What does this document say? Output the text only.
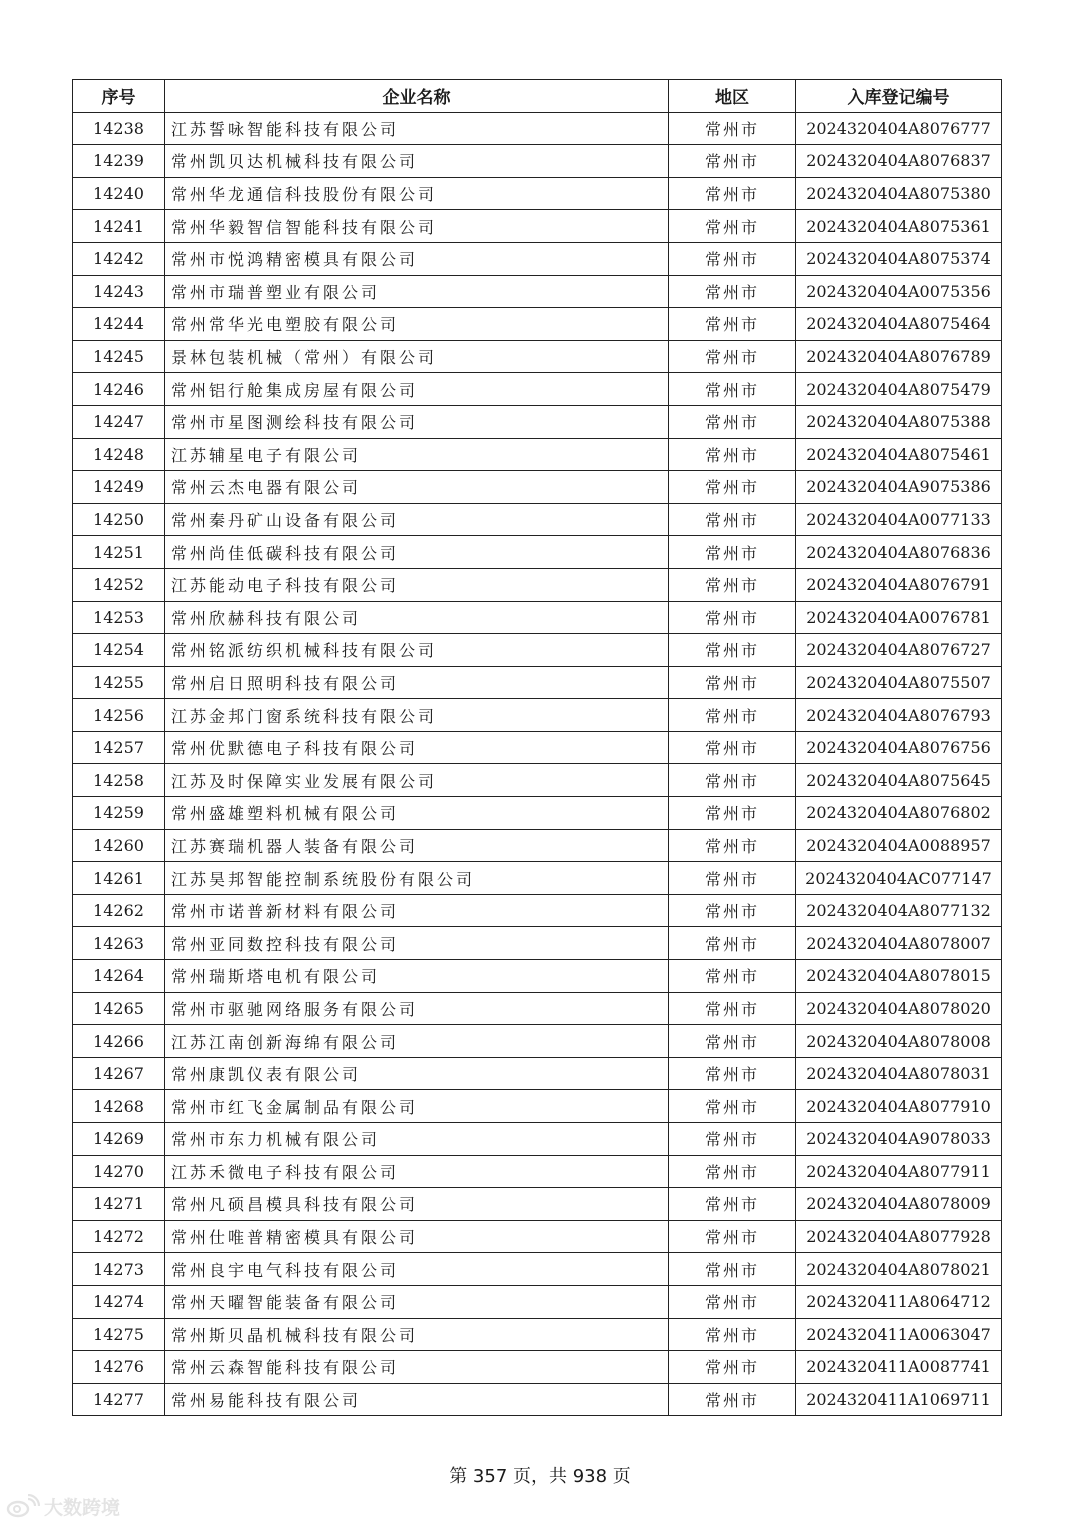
序号	企业名称	地区	入库登记编号
14238	江苏誓咏智能科技有限公司	常州市	2024320404A8076777
14239	常州凯贝达机械科技有限公司	常州市	2024320404A8076837
14240	常州华龙通信科技股份有限公司	常州市	2024320404A8075380
14241	常州华毅智信智能科技有限公司	常州市	2024320404A8075361
14242	常州市悦鸿精密模具有限公司	常州市	2024320404A8075374
14243	常州市瑞普塑业有限公司	常州市	2024320404A0075356
14244	常州常华光电塑胶有限公司	常州市	2024320404A8075464
14245	景林包装机械（常州）有限公司	常州市	2024320404A8076789
14246	常州铝行舱集成房屋有限公司	常州市	2024320404A8075479
14247	常州市星图测绘科技有限公司	常州市	2024320404A8075388
14248	江苏辅星电子有限公司	常州市	2024320404A8075461
14249	常州云杰电器有限公司	常州市	2024320404A9075386
14250	常州秦丹矿山设备有限公司	常州市	2024320404A0077133
14251	常州尚佳低碳科技有限公司	常州市	2024320404A8076836
14252	江苏能动电子科技有限公司	常州市	2024320404A8076791
14253	常州欣赫科技有限公司	常州市	2024320404A0076781
14254	常州铭派纺织机械科技有限公司	常州市	2024320404A8076727
14255	常州启日照明科技有限公司	常州市	2024320404A8075507
14256	江苏金邦门窗系统科技有限公司	常州市	2024320404A8076793
14257	常州优默德电子科技有限公司	常州市	2024320404A8076756
14258	江苏及时保障实业发展有限公司	常州市	2024320404A8075645
14259	常州盛雄塑料机械有限公司	常州市	2024320404A8076802
14260	江苏赛瑞机器人装备有限公司	常州市	2024320404A0088957
14261	江苏昊邦智能控制系统股份有限公司	常州市	2024320404AC077147
14262	常州市诺普新材料有限公司	常州市	2024320404A8077132
14263	常州亚同数控科技有限公司	常州市	2024320404A8078007
14264	常州瑞斯塔电机有限公司	常州市	2024320404A8078015
14265	常州市驱驰网络服务有限公司	常州市	2024320404A8078020
14266	江苏江南创新海绵有限公司	常州市	2024320404A8078008
14267	常州康凯仪表有限公司	常州市	2024320404A8078031
14268	常州市红飞金属制品有限公司	常州市	2024320404A8077910
14269	常州市东力机械有限公司	常州市	2024320404A9078033
14270	江苏禾微电子科技有限公司	常州市	2024320404A8077911
14271	常州凡硕昌模具科技有限公司	常州市	2024320404A8078009
14272	常州仕唯普精密模具有限公司	常州市	2024320404A8077928
14273	常州良宇电气科技有限公司	常州市	2024320404A8078021
14274	常州天曜智能装备有限公司	常州市	2024320411A8064712
14275	常州斯贝晶机械科技有限公司	常州市	2024320411A0063047
14276	常州云森智能科技有限公司	常州市	2024320411A0087741
14277	常州易能科技有限公司	常州市	2024320411A1069711
第 357 页，共 938 页
大数跨境
